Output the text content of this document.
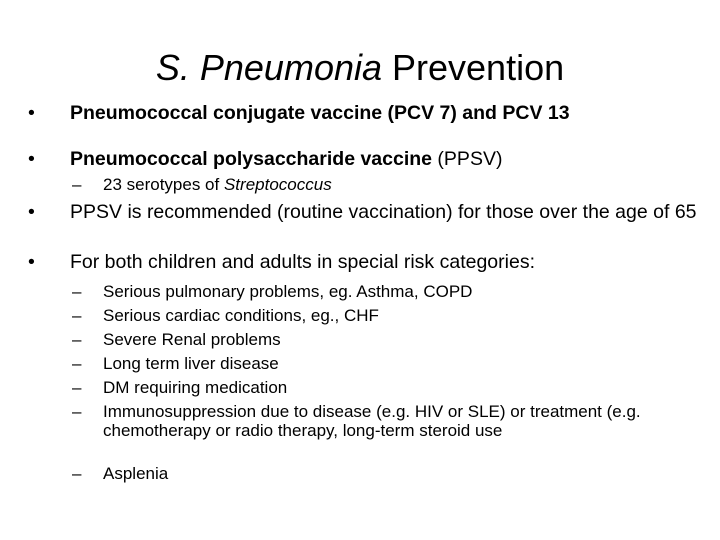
S. Pneumonia Prevention
• Pneumococcal conjugate vaccine (PCV 7) and PCV 13
• Pneumococcal polysaccharide vaccine (PPSV)
– 23 serotypes of Streptococcus
• PPSV is recommended (routine vaccination) for those over the age of 65
• For both children and adults in special risk categories:
– Serious pulmonary problems, eg. Asthma, COPD
– Serious cardiac conditions, eg., CHF
– Severe Renal problems
– Long term liver disease
– DM requiring medication
– Immunosuppression due to disease (e.g. HIV or SLE) or treatment (e.g. chemotherapy or radio therapy, long-term steroid use
– Asplenia
